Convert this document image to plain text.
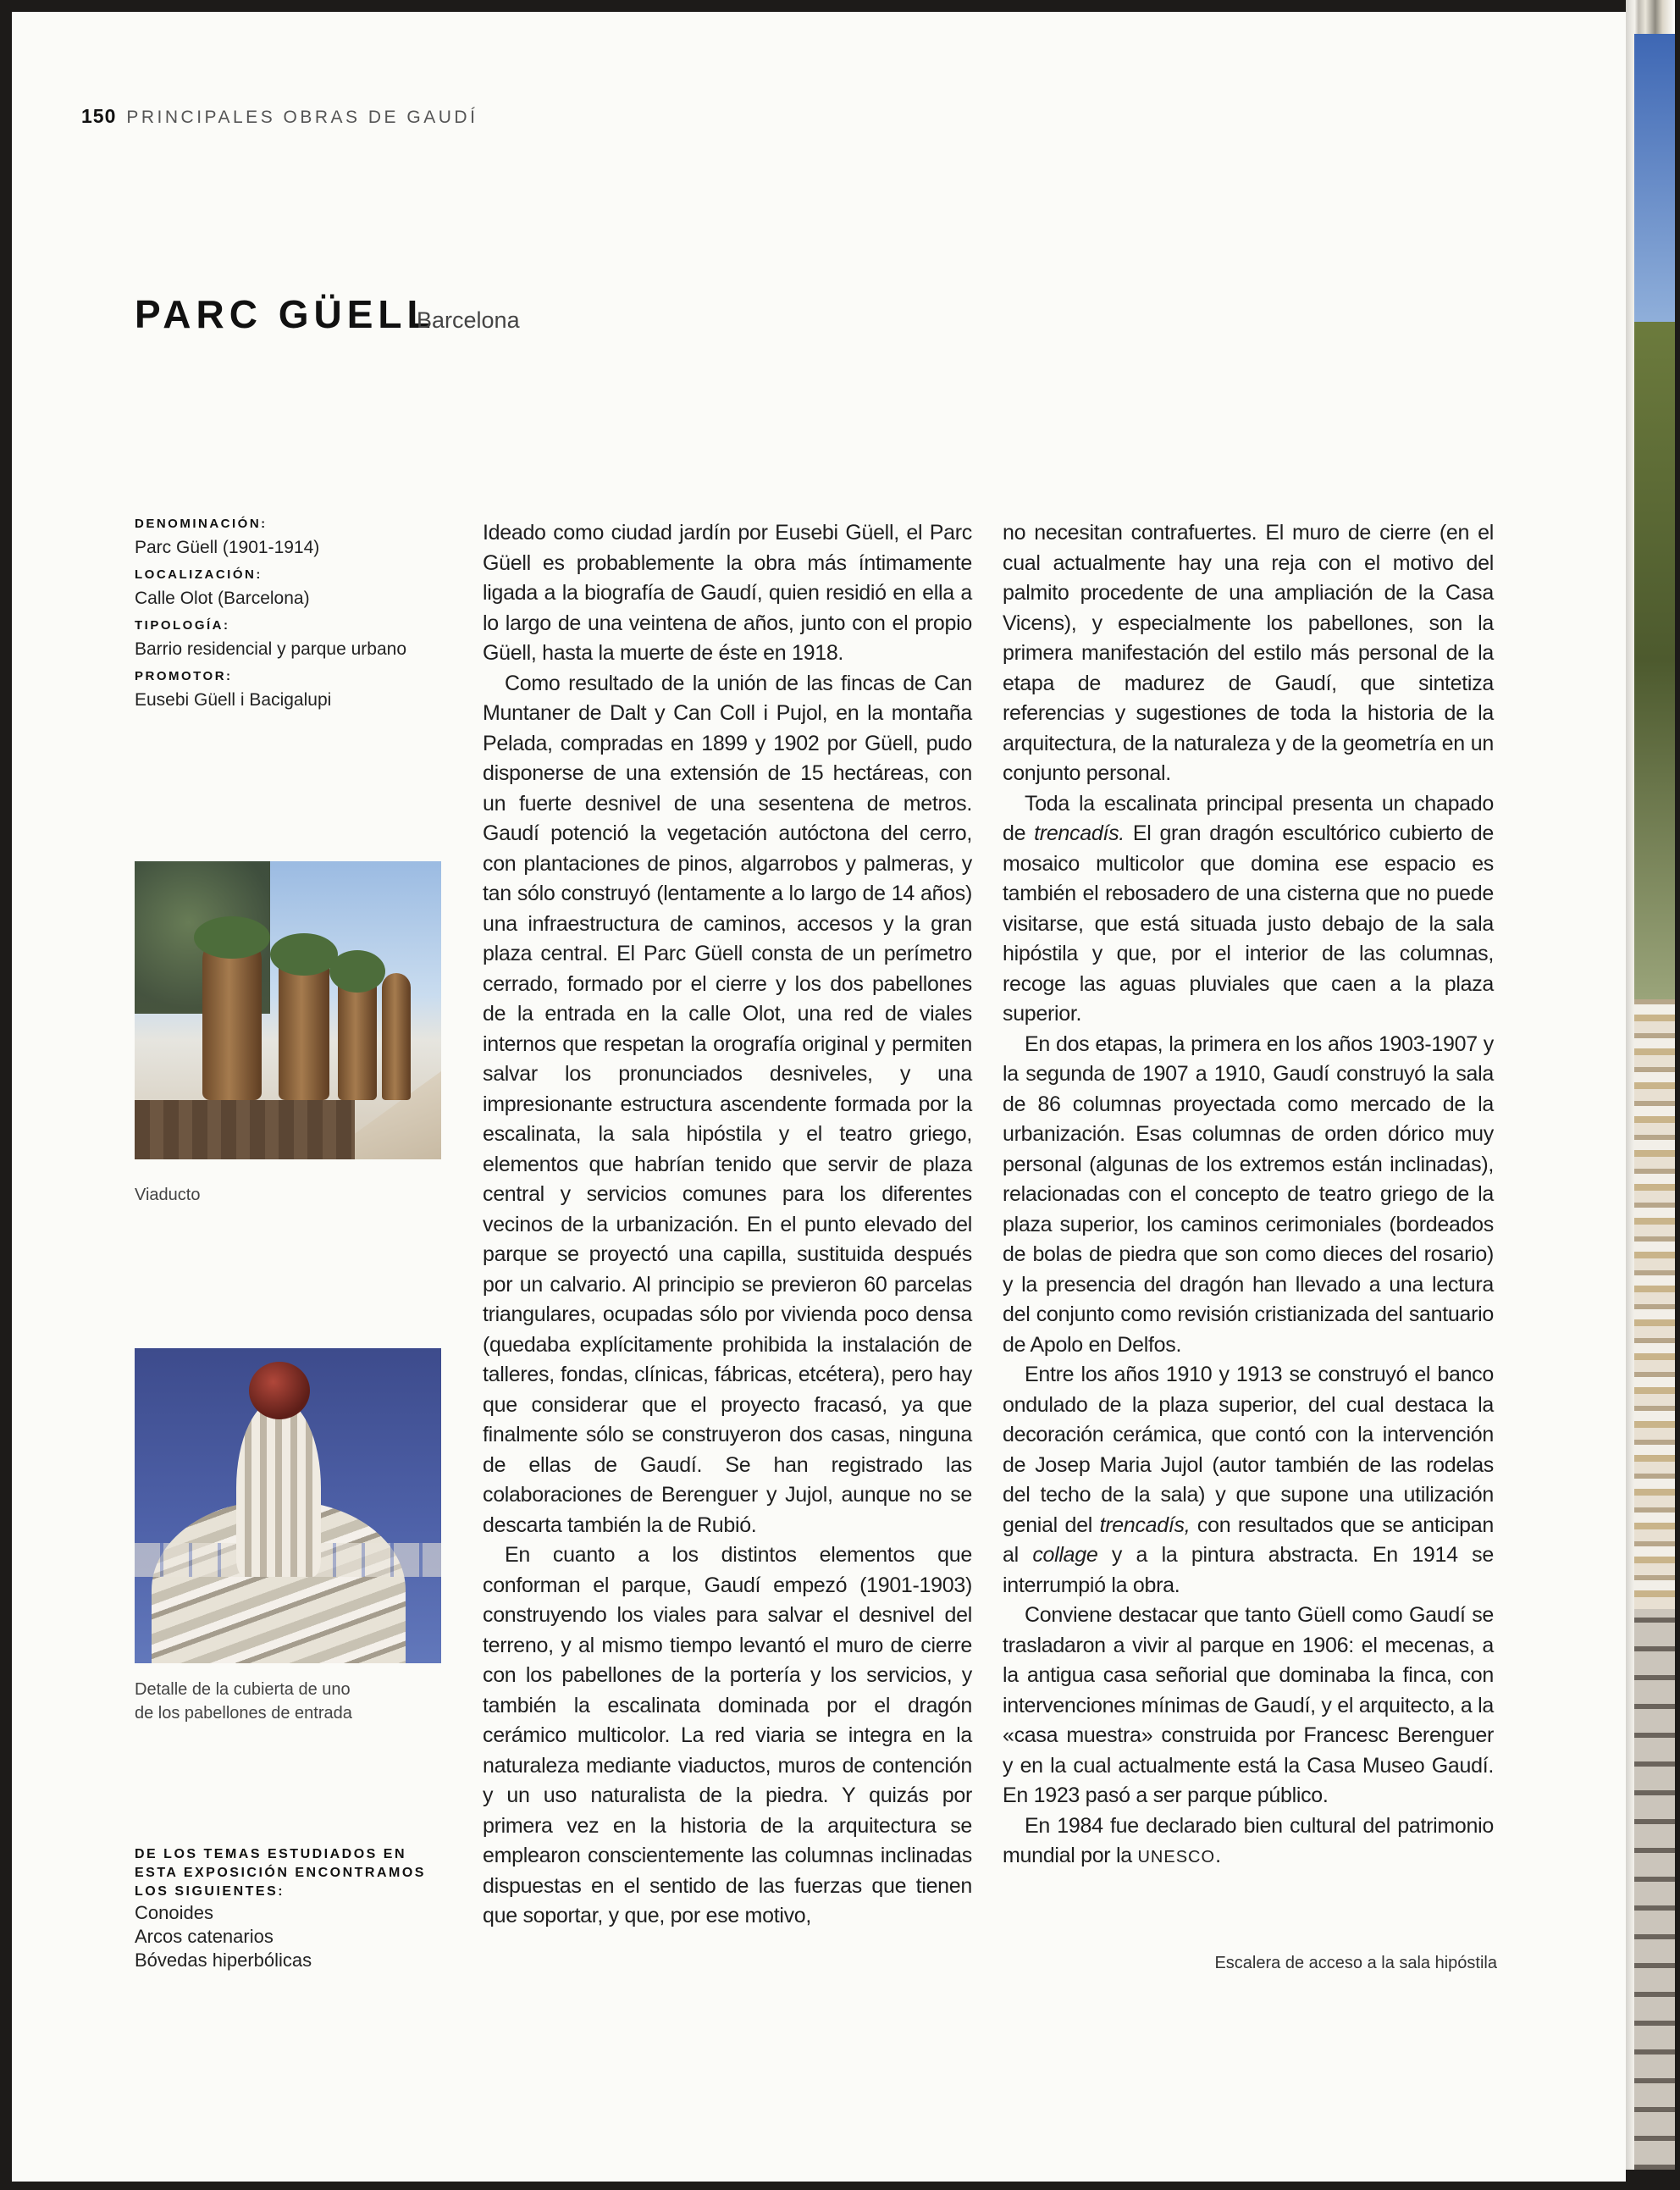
150 PRINCIPALES OBRAS DE GAUDÍ
PARC GÜELL
Barcelona
DENOMINACIÓN:
Parc Güell (1901-1914)
LOCALIZACIÓN:
Calle Olot (Barcelona)
TIPOLOGÍA:
Barrio residencial y parque urbano
PROMOTOR:
Eusebi Güell i Bacigalupi
Viaducto
Detalle de la cubierta de uno
de los pabellones de entrada
DE LOS TEMAS ESTUDIADOS EN
ESTA EXPOSICIÓN ENCONTRAMOS
LOS SIGUIENTES:
Conoides
Arcos catenarios
Bóvedas hiperbólicas

Ideado como ciudad jardín por Eusebi Güell, el Parc Güell es probablemente la obra más íntimamente ligada a la biografía de Gaudí, quien residió en ella a lo largo de una veintena de años, junto con el propio Güell, hasta la muerte de éste en 1918.

Como resultado de la unión de las fincas de Can Muntaner de Dalt y Can Coll i Pujol, en la montaña Pelada, compradas en 1899 y 1902 por Güell, pudo disponerse de una extensión de 15 hectáreas, con un fuerte desnivel de una sesentena de metros. Gaudí potenció la vegetación autóctona del cerro, con plantaciones de pinos, algarrobos y palmeras, y tan sólo construyó (lentamente a lo largo de 14 años) una infraestructura de caminos, accesos y la gran plaza central. El Parc Güell consta de un perímetro cerrado, formado por el cierre y los dos pabellones de la entrada en la calle Olot, una red de viales internos que respetan la orografía original y permiten salvar los pronunciados desniveles, y una impresionante estructura ascendente formada por la escalinata, la sala hipóstila y el teatro griego, elementos que habrían tenido que servir de plaza central y servicios comunes para los diferentes vecinos de la urbanización. En el punto elevado del parque se proyectó una capilla, sustituida después por un calvario. Al principio se previeron 60 parcelas triangulares, ocupadas sólo por vivienda poco densa (quedaba explícitamente prohibida la instalación de talleres, fondas, clínicas, fábricas, etcétera), pero hay que considerar que el proyecto fracasó, ya que finalmente sólo se construyeron dos casas, ninguna de ellas de Gaudí. Se han registrado las colaboraciones de Berenguer y Jujol, aunque no se descarta también la de Rubió.

En cuanto a los distintos elementos que conforman el parque, Gaudí empezó (1901-1903) construyendo los viales para salvar el desnivel del terreno, y al mismo tiempo levantó el muro de cierre con los pabellones de la portería y los servicios, y también la escalinata dominada por el dragón cerámico multicolor. La red viaria se integra en la naturaleza mediante viaductos, muros de contención y un uso naturalista de la piedra. Y quizás por primera vez en la historia de la arquitectura se emplearon conscientemente las columnas inclinadas dispuestas en el sentido de las fuerzas que tienen que soportar, y que, por ese motivo,

no necesitan contrafuertes. El muro de cierre (en el cual actualmente hay una reja con el motivo del palmito procedente de una ampliación de la Casa Vicens), y especialmente los pabellones, son la primera manifestación del estilo más personal de la etapa de madurez de Gaudí, que sintetiza referencias y sugestiones de toda la historia de la arquitectura, de la naturaleza y de la geometría en un conjunto personal.

Toda la escalinata principal presenta un chapado de trencadís. El gran dragón escultórico cubierto de mosaico multicolor que domina ese espacio es también el rebosadero de una cisterna que no puede visitarse, que está situada justo debajo de la sala hipóstila y que, por el interior de las columnas, recoge las aguas pluviales que caen a la plaza superior.

En dos etapas, la primera en los años 1903-1907 y la segunda de 1907 a 1910, Gaudí construyó la sala de 86 columnas proyectada como mercado de la urbanización. Esas columnas de orden dórico muy personal (algunas de los extremos están inclinadas), relacionadas con el concepto de teatro griego de la plaza superior, los caminos cerimoniales (bordeados de bolas de piedra que son como dieces del rosario) y la presencia del dragón han llevado a una lectura del conjunto como revisión cristianizada del santuario de Apolo en Delfos.

Entre los años 1910 y 1913 se construyó el banco ondulado de la plaza superior, del cual destaca la decoración cerámica, que contó con la intervención de Josep Maria Jujol (autor también de las rodelas del techo de la sala) y que supone una utilización genial del trencadís, con resultados que se anticipan al collage y a la pintura abstracta. En 1914 se interrumpió la obra.

Conviene destacar que tanto Güell como Gaudí se trasladaron a vivir al parque en 1906: el mecenas, a la antigua casa señorial que dominaba la finca, con intervenciones mínimas de Gaudí, y el arquitecto, a la «casa muestra» construida por Francesc Berenguer y en la cual actualmente está la Casa Museo Gaudí. En 1923 pasó a ser parque público.

En 1984 fue declarado bien cultural del patrimonio mundial por la UNESCO.

Escalera de acceso a la sala hipóstila
